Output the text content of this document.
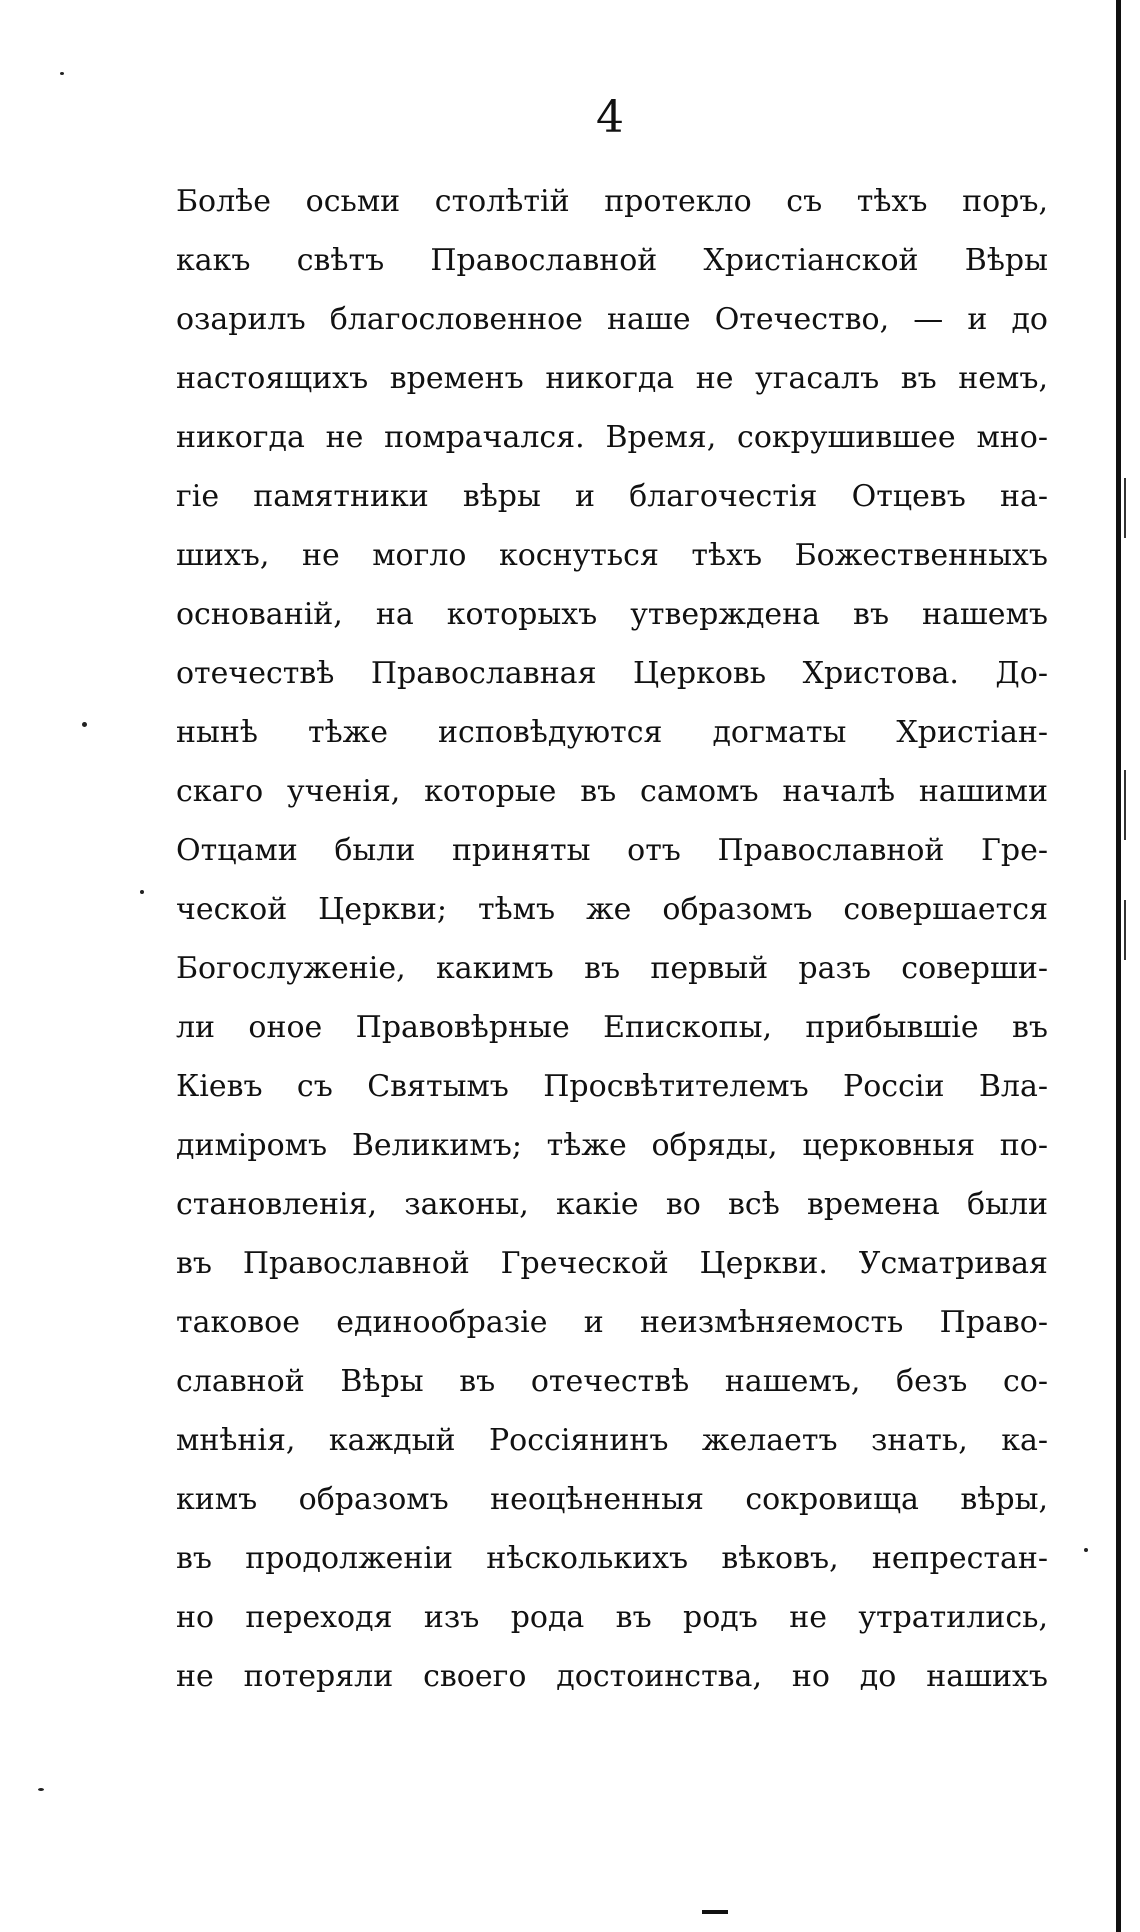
4
Болѣе осьми столѣтій протекло съ тѣхъ поръ,
какъ свѣтъ Православной Христіанской Вѣры
озарилъ благословенное наше Отечество, — и до
настоящихъ временъ никогда не угасалъ въ немъ,
никогда не помрачался. Время, сокрушившее мно-
гіе памятники вѣры и благочестія Отцевъ на-
шихъ, не могло коснуться тѣхъ Божественныхъ
основаній, на которыхъ утверждена въ нашемъ
отечествѣ Православная Церковь Христова. До-
нынѣ тѣже исповѣдуются догматы Христіан-
скаго ученія, которые въ самомъ началѣ нашими
Отцами были приняты отъ Православной Гре-
ческой Церкви; тѣмъ же образомъ совершается
Богослуженіе, какимъ въ первый разъ соверши-
ли оное Правовѣрные Епископы, прибывшіе въ
Кіевъ съ Святымъ Просвѣтителемъ Россіи Вла-
диміромъ Великимъ; тѣже обряды, церковныя по-
становленія, законы, какіе во всѣ времена были
въ Православной Греческой Церкви. Усматривая
таковое единообразіе и неизмѣняемость Право-
славной Вѣры въ отечествѣ нашемъ, безъ со-
мнѣнія, каждый Россіянинъ желаетъ знать, ка-
кимъ образомъ неоцѣненныя сокровища вѣры,
въ продолженіи нѣсколькихъ вѣковъ, непрестан-
но переходя изъ рода въ родъ не утратились,
не потеряли своего достоинства, но до нашихъ
